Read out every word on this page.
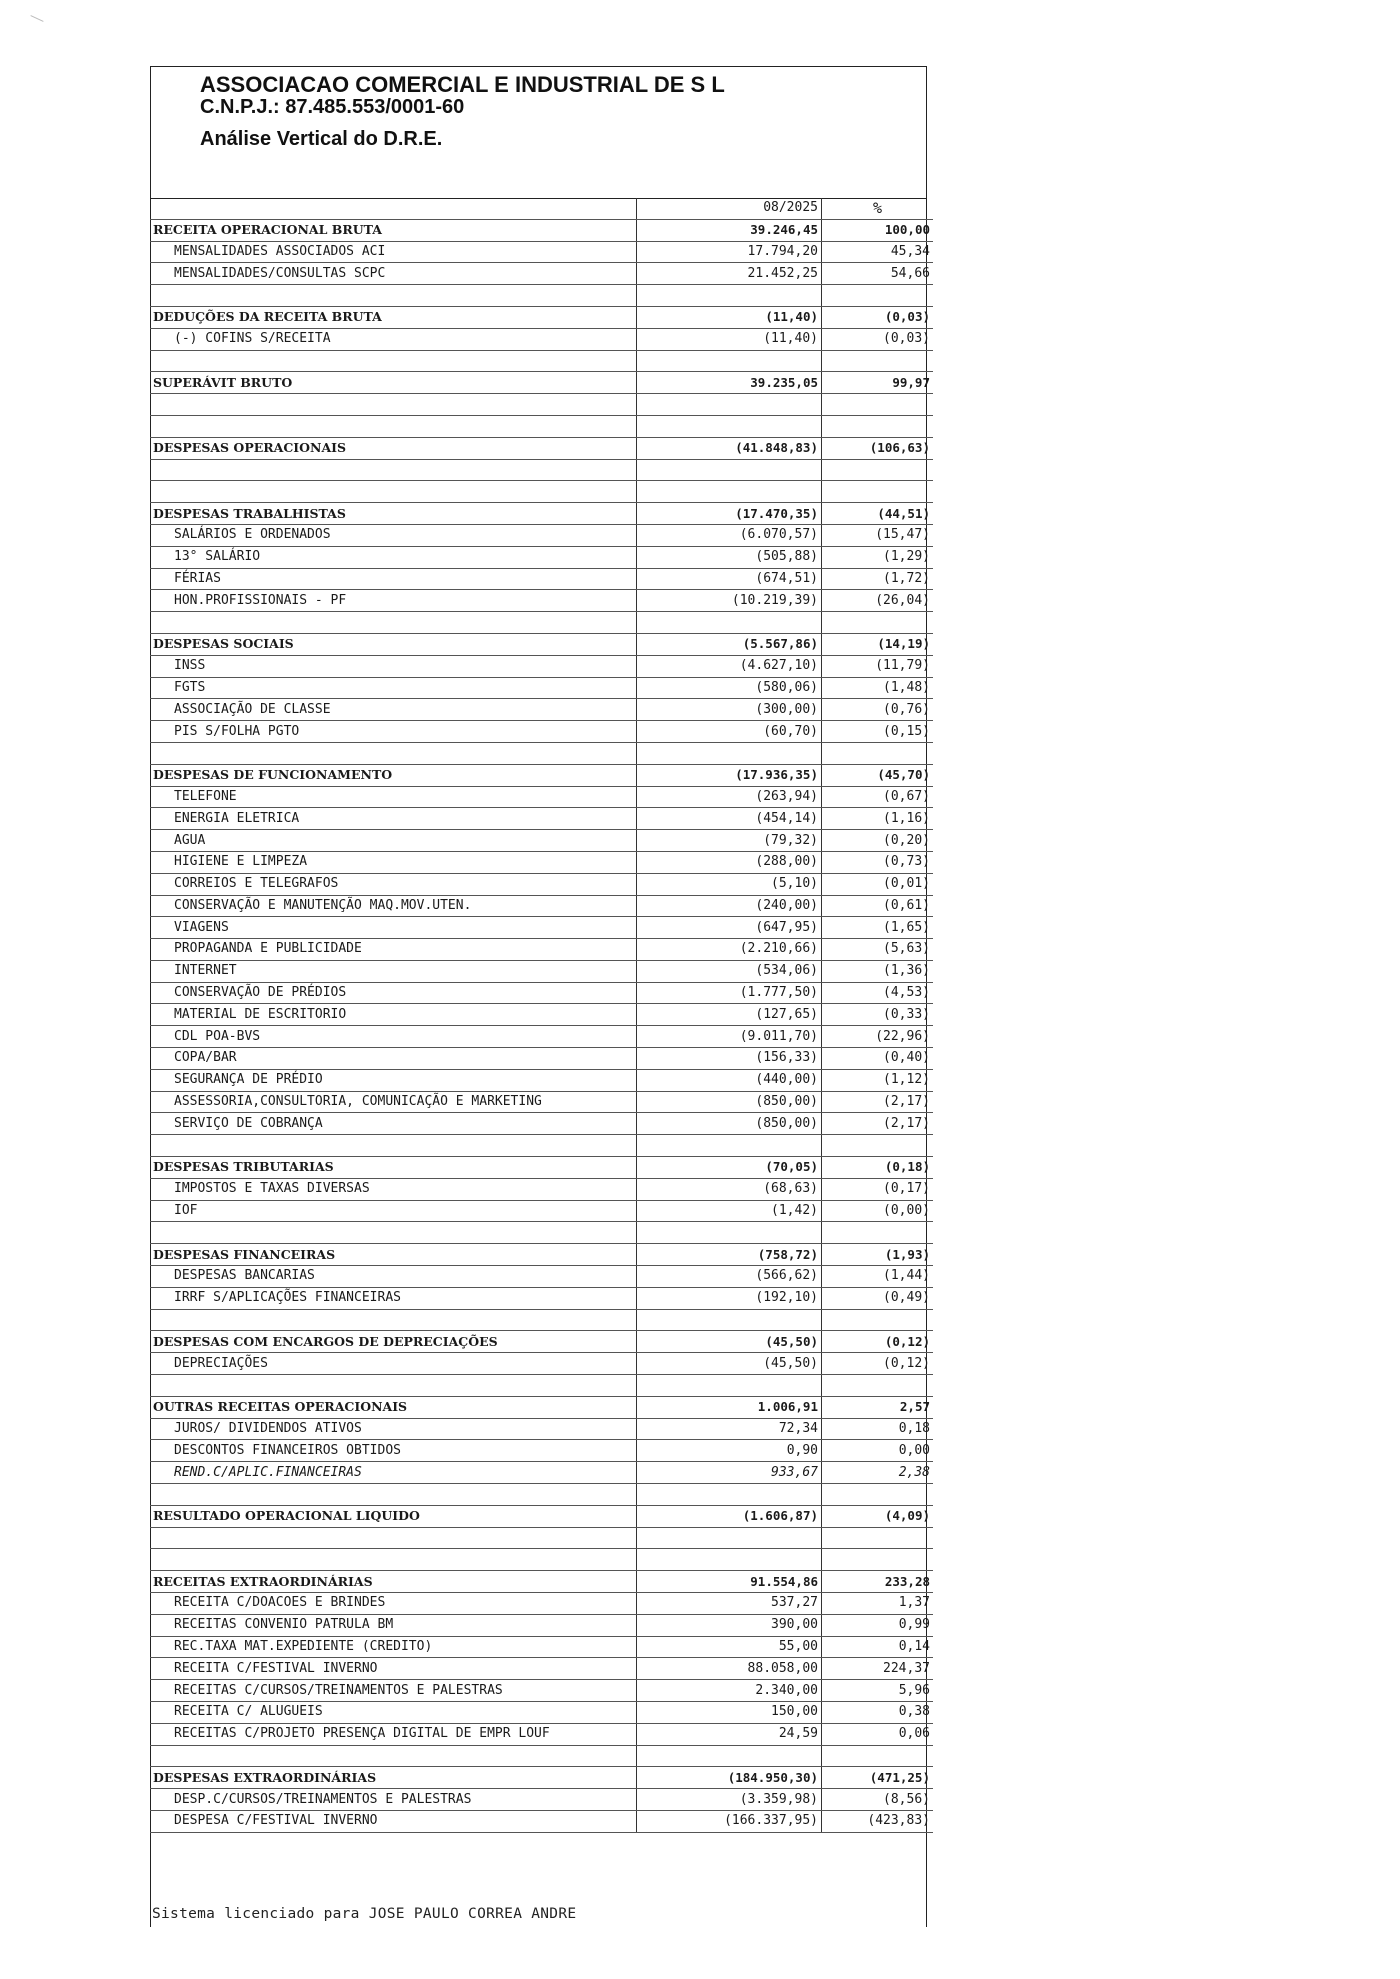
ASSOCIACAO COMERCIAL E INDUSTRIAL DE S L
C.N.P.J.: 87.485.553/0001-60
Análise Vertical do D.R.E.
	08/2025	%
RECEITA OPERACIONAL BRUTA	39.246,45	100,00
MENSALIDADES ASSOCIADOS ACI	17.794,20	45,34
MENSALIDADES/CONSULTAS SCPC	21.452,25	54,66

DEDUÇÕES DA RECEITA BRUTA	(11,40)	(0,03)
(-) COFINS S/RECEITA	(11,40)	(0,03)

SUPERÁVIT BRUTO	39.235,05	99,97

DESPESAS OPERACIONAIS	(41.848,83)	(106,63)

DESPESAS TRABALHISTAS	(17.470,35)	(44,51)
SALÁRIOS E ORDENADOS	(6.070,57)	(15,47)
13° SALÁRIO	(505,88)	(1,29)
FÉRIAS	(674,51)	(1,72)
HON.PROFISSIONAIS - PF	(10.219,39)	(26,04)

DESPESAS SOCIAIS	(5.567,86)	(14,19)
INSS	(4.627,10)	(11,79)
FGTS	(580,06)	(1,48)
ASSOCIAÇÃO DE CLASSE	(300,00)	(0,76)
PIS S/FOLHA PGTO	(60,70)	(0,15)

DESPESAS DE FUNCIONAMENTO	(17.936,35)	(45,70)
TELEFONE	(263,94)	(0,67)
ENERGIA ELETRICA	(454,14)	(1,16)
AGUA	(79,32)	(0,20)
HIGIENE E LIMPEZA	(288,00)	(0,73)
CORREIOS E TELEGRAFOS	(5,10)	(0,01)
CONSERVAÇÃO E MANUTENÇÃO MAQ.MOV.UTEN.	(240,00)	(0,61)
VIAGENS	(647,95)	(1,65)
PROPAGANDA E PUBLICIDADE	(2.210,66)	(5,63)
INTERNET	(534,06)	(1,36)
CONSERVAÇÃO DE PRÉDIOS	(1.777,50)	(4,53)
MATERIAL DE ESCRITORIO	(127,65)	(0,33)
CDL POA-BVS	(9.011,70)	(22,96)
COPA/BAR	(156,33)	(0,40)
SEGURANÇA DE PRÉDIO	(440,00)	(1,12)
ASSESSORIA,CONSULTORIA, COMUNICAÇÃO E MARKETING	(850,00)	(2,17)
SERVIÇO DE COBRANÇA	(850,00)	(2,17)

DESPESAS TRIBUTARIAS	(70,05)	(0,18)
IMPOSTOS E TAXAS DIVERSAS	(68,63)	(0,17)
IOF	(1,42)	(0,00)

DESPESAS FINANCEIRAS	(758,72)	(1,93)
DESPESAS BANCARIAS	(566,62)	(1,44)
IRRF S/APLICAÇÕES FINANCEIRAS	(192,10)	(0,49)

DESPESAS COM ENCARGOS DE DEPRECIAÇÕES	(45,50)	(0,12)
DEPRECIAÇÕES	(45,50)	(0,12)

OUTRAS RECEITAS OPERACIONAIS	1.006,91	2,57
JUROS/ DIVIDENDOS ATIVOS	72,34	0,18
DESCONTOS FINANCEIROS OBTIDOS	0,90	0,00
REND.C/APLIC.FINANCEIRAS	933,67	2,38

RESULTADO OPERACIONAL LIQUIDO	(1.606,87)	(4,09)

RECEITAS EXTRAORDINÁRIAS	91.554,86	233,28
RECEITA C/DOACOES E BRINDES	537,27	1,37
RECEITAS CONVENIO PATRULA BM	390,00	0,99
REC.TAXA MAT.EXPEDIENTE (CREDITO)	55,00	0,14
RECEITA C/FESTIVAL INVERNO	88.058,00	224,37
RECEITAS C/CURSOS/TREINAMENTOS E PALESTRAS	2.340,00	5,96
RECEITA C/ ALUGUEIS	150,00	0,38
RECEITAS C/PROJETO PRESENÇA DIGITAL DE EMPR LOUF	24,59	0,06

DESPESAS EXTRAORDINÁRIAS	(184.950,30)	(471,25)
DESP.C/CURSOS/TREINAMENTOS E PALESTRAS	(3.359,98)	(8,56)
DESPESA C/FESTIVAL INVERNO	(166.337,95)	(423,83)
Sistema licenciado para JOSE PAULO CORREA ANDRE
